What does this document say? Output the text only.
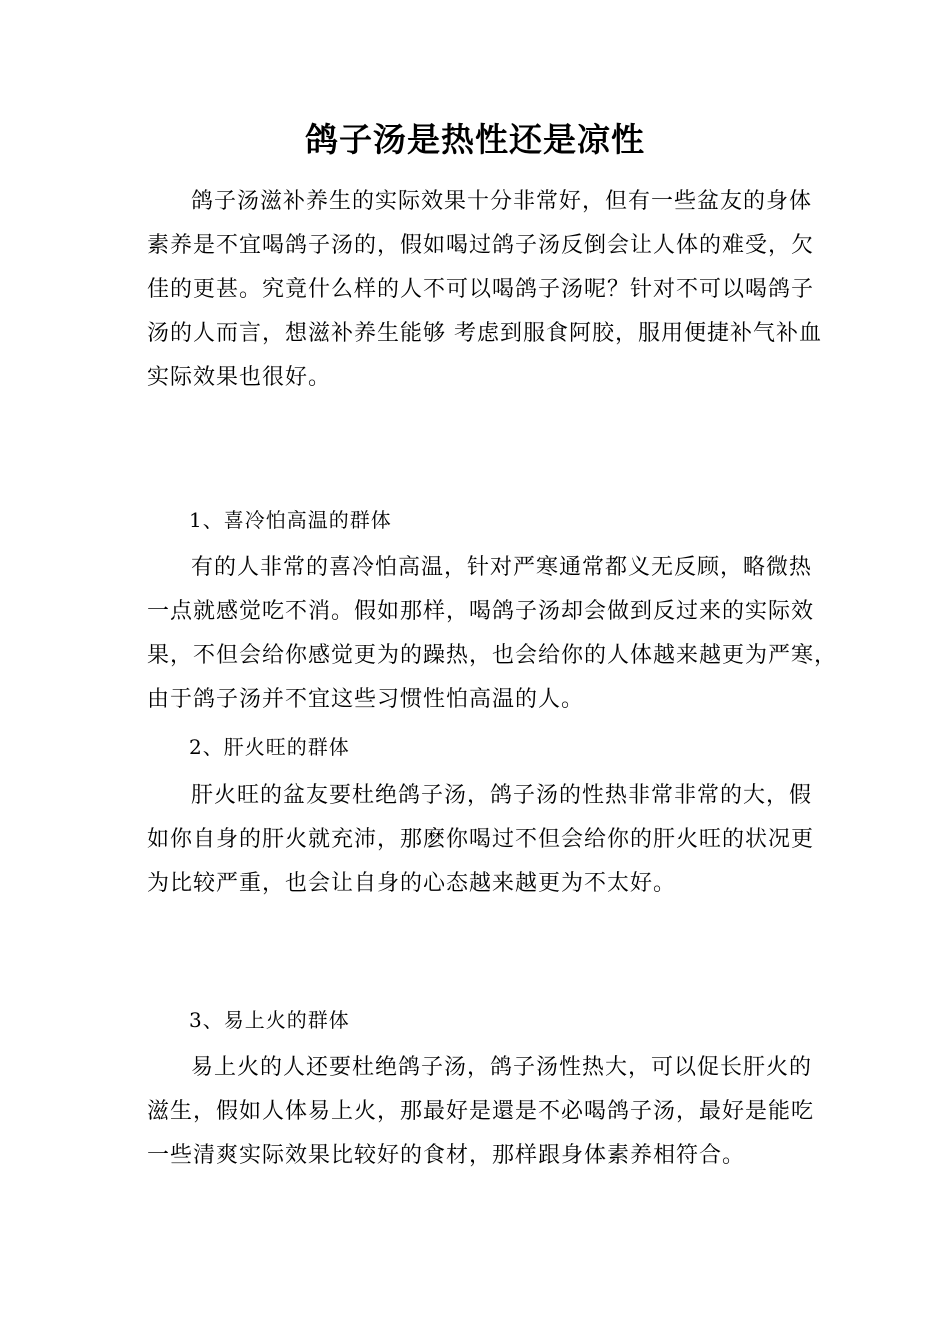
鸽子汤是热性还是凉性
鸽子汤滋补养生的实际效果十分非常好，但有一些盆友的身体
素养是不宜喝鸽子汤的，假如喝过鸽子汤反倒会让人体的难受，欠
佳的更甚。究竟什么样的人不可以喝鸽子汤呢？针对不可以喝鸽子
汤的人而言，想滋补养生能够 考虑到服食阿胶，服用便捷补气补血
实际效果也很好。
1、喜冷怕高温的群体
有的人非常的喜冷怕高温，针对严寒通常都义无反顾，略微热
一点就感觉吃不消。假如那样，喝鸽子汤却会做到反过来的实际效
果，不但会给你感觉更为的躁热，也会给你的人体越来越更为严寒，
由于鸽子汤并不宜这些习惯性怕高温的人。
2、肝火旺的群体
肝火旺的盆友要杜绝鸽子汤，鸽子汤的性热非常非常的大，假
如你自身的肝火就充沛，那麽你喝过不但会给你的肝火旺的状况更
为比较严重，也会让自身的心态越来越更为不太好。
3、易上火的群体
易上火的人还要杜绝鸽子汤，鸽子汤性热大，可以促长肝火的
滋生，假如人体易上火，那最好是還是不必喝鸽子汤，最好是能吃
一些清爽实际效果比较好的食材，那样跟身体素养相符合。
